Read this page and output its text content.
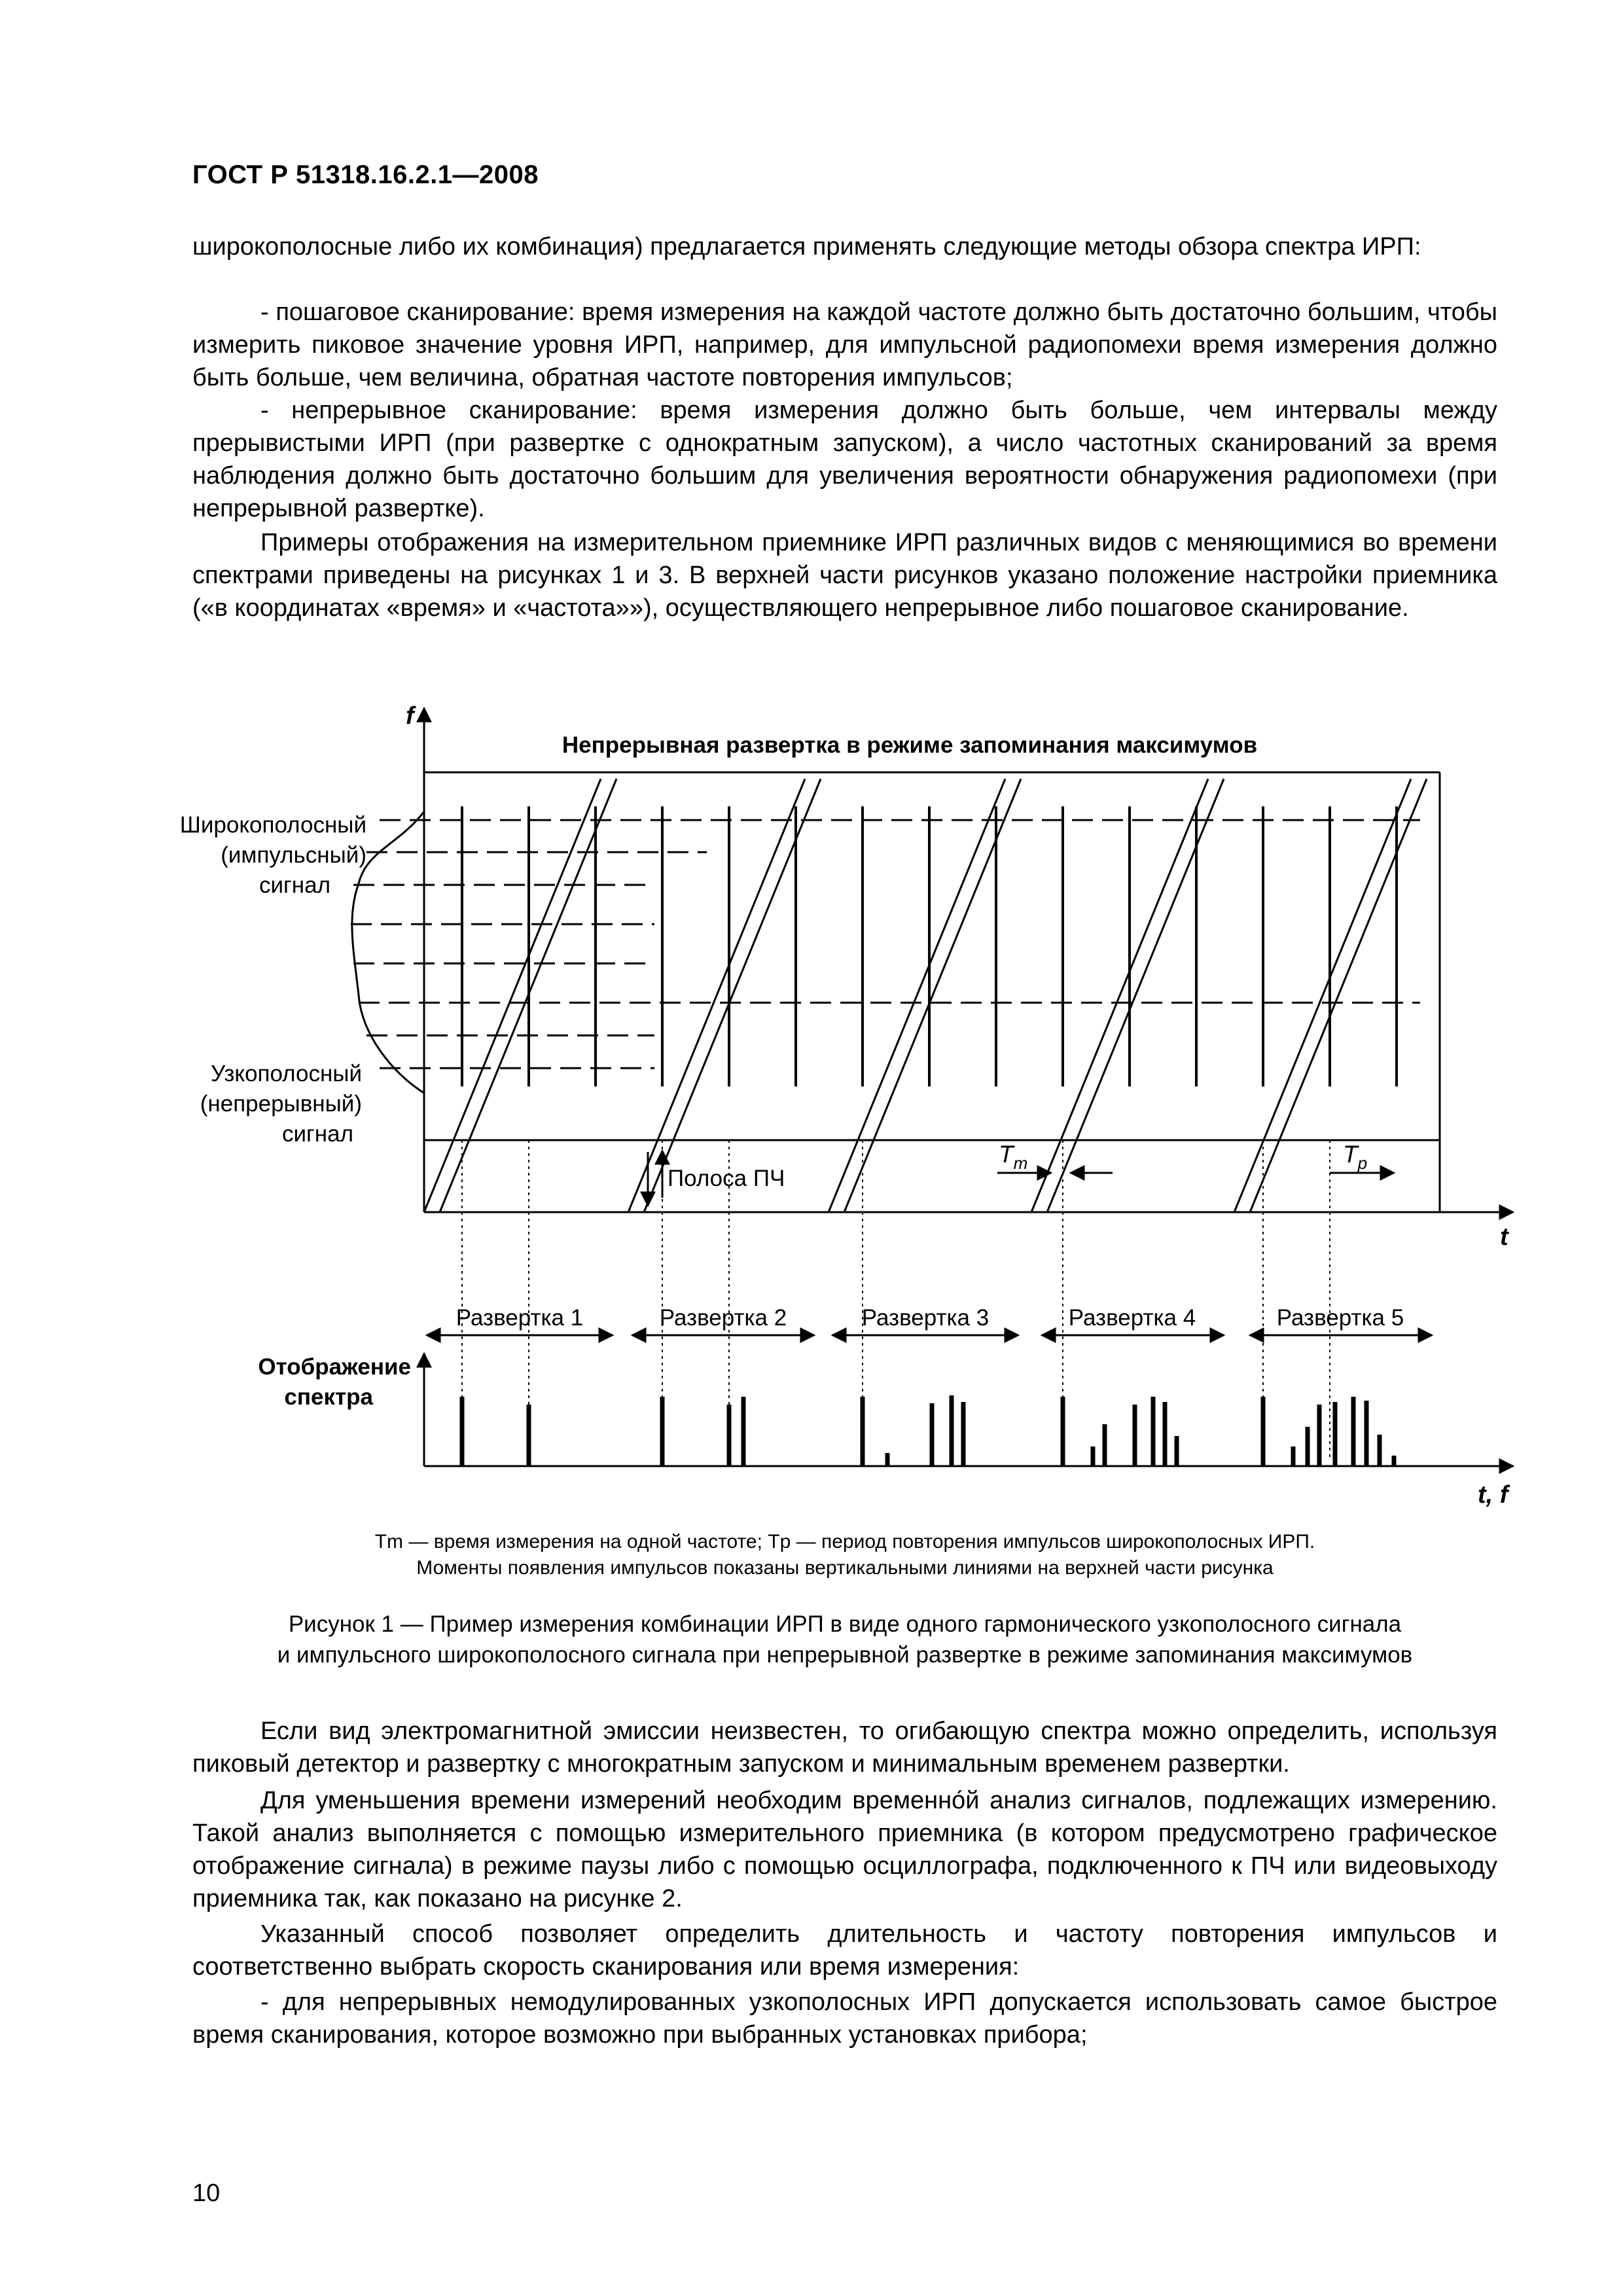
ГОСТ Р 51318.16.2.1—2008

широкополосные либо их комбинация) предлагается применять следующие методы обзора спектра ИРП:

- пошаговое сканирование: время измерения на каждой частоте должно быть достаточно большим, чтобы измерить пиковое значение уровня ИРП, например, для импульсной радиопомехи время измерения должно быть больше, чем величина, обратная частоте повторения импульсов;

- непрерывное сканирование: время измерения должно быть больше, чем интервалы между прерывистыми ИРП (при развертке с однократным запуском), а число частотных сканирований за время наблюдения должно быть достаточно большим для увеличения вероятности обнаружения радиопомехи (при непрерывной развертке).

Примеры отображения на измерительном приемнике ИРП различных видов с меняющимися во времени спектрами приведены на рисунках 1 и 3. В верхней части рисунков указано положение настройки приемника («в координатах «время» и «частота»»), осуществляющего непрерывное либо пошаговое сканирование.

f
Непрерывная развертка в режиме запоминания максимумов
Широкополосный
(импульсный)
сигнал
Узкополосный
(непрерывный)
сигнал
Полоса ПЧ
$T_m$	$T_p$
t
Развертка 1	Развертка 2	Развертка 3	Развертка 4	Развертка 5
Отображение
спектра
t, f

Tm — время измерения на одной частоте; Tp — период повторения импульсов широкополосных ИРП.

Моменты появления импульсов показаны вертикальными линиями на верхней части рисунка

Рисунок 1 — Пример измерения комбинации ИРП в виде одного гармонического узкополосного сигнала

и импульсного широкополосного сигнала при непрерывной развертке в режиме запоминания максимумов

Если вид электромагнитной эмиссии неизвестен, то огибающую спектра можно определить, используя пиковый детектор и развертку с многократным запуском и минимальным временем развертки.

Для уменьшения времени измерений необходим временно́й анализ сигналов, подлежащих измерению. Такой анализ выполняется с помощью измерительного приемника (в котором предусмотрено графическое отображение сигнала) в режиме паузы либо с помощью осциллографа, подключенного к ПЧ или видеовыходу приемника так, как показано на рисунке 2.

Указанный способ позволяет определить длительность и частоту повторения импульсов и соответственно выбрать скорость сканирования или время измерения:

- для непрерывных немодулированных узкополосных ИРП допускается использовать самое быстрое время сканирования, которое возможно при выбранных установках прибора;

10
